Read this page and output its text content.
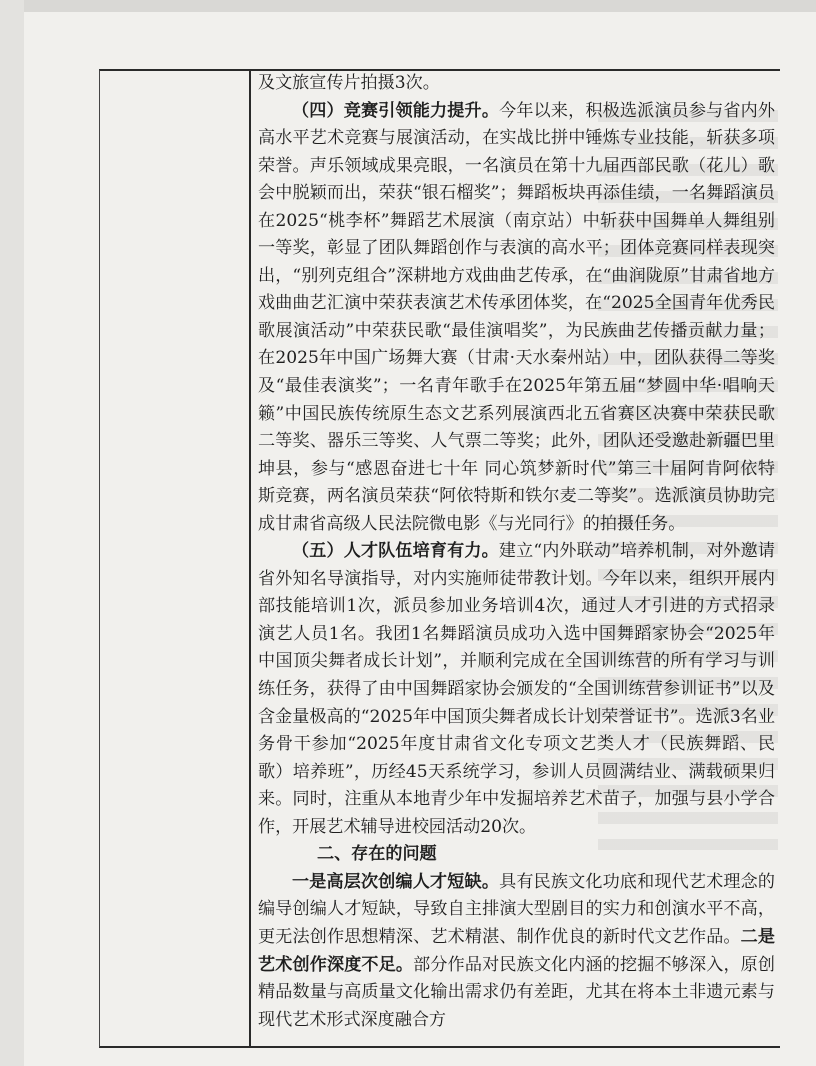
及文旅宣传片拍摄3次。

（四）竞赛引领能力提升。今年以来，积极选派演员参与省内外高水平艺术竞赛与展演活动，在实战比拼中锤炼专业技能，斩获多项荣誉。声乐领域成果亮眼，一名演员在第十九届西部民歌（花儿）歌会中脱颖而出，荣获“银石榴奖”；舞蹈板块再添佳绩，一名舞蹈演员在2025“桃李杯”舞蹈艺术展演（南京站）中斩获中国舞单人舞组别一等奖，彰显了团队舞蹈创作与表演的高水平；团体竞赛同样表现突出，“别列克组合”深耕地方戏曲曲艺传承，在“曲润陇原”甘肃省地方戏曲曲艺汇演中荣获表演艺术传承团体奖，在“2025全国青年优秀民歌展演活动”中荣获民歌“最佳演唱奖”，为民族曲艺传播贡献力量；在2025年中国广场舞大赛（甘肃·天水秦州站）中，团队获得二等奖及“最佳表演奖”；一名青年歌手在2025年第五届“梦圆中华·唱响天籁”中国民族传统原生态文艺系列展演西北五省赛区决赛中荣获民歌二等奖、器乐三等奖、人气票二等奖；此外，团队还受邀赴新疆巴里坤县，参与“感恩奋进七十年 同心筑梦新时代”第三十届阿肯阿依特斯竞赛，两名演员荣获“阿依特斯和铁尔麦二等奖”。选派演员协助完成甘肃省高级人民法院微电影《与光同行》的拍摄任务。

（五）人才队伍培育有力。建立“内外联动”培养机制，对外邀请省外知名导演指导，对内实施师徒带教计划。今年以来，组织开展内部技能培训1次，派员参加业务培训4次，通过人才引进的方式招录演艺人员1名。我团1名舞蹈演员成功入选中国舞蹈家协会“2025年中国顶尖舞者成长计划”，并顺利完成在全国训练营的所有学习与训练任务，获得了由中国舞蹈家协会颁发的“全国训练营参训证书”以及含金量极高的“2025年中国顶尖舞者成长计划荣誉证书”。选派3名业务骨干参加“2025年度甘肃省文化专项文艺类人才（民族舞蹈、民歌）培养班”，历经45天系统学习，参训人员圆满结业、满载硕果归来。同时，注重从本地青少年中发掘培养艺术苗子，加强与县小学合作，开展艺术辅导进校园活动20次。

二、存在的问题

一是高层次创编人才短缺。具有民族文化功底和现代艺术理念的编导创编人才短缺，导致自主排演大型剧目的实力和创演水平不高，更无法创作思想精深、艺术精湛、制作优良的新时代文艺作品。二是艺术创作深度不足。部分作品对民族文化内涵的挖掘不够深入，原创精品数量与高质量文化输出需求仍有差距，尤其在将本土非遗元素与现代艺术形式深度融合方
